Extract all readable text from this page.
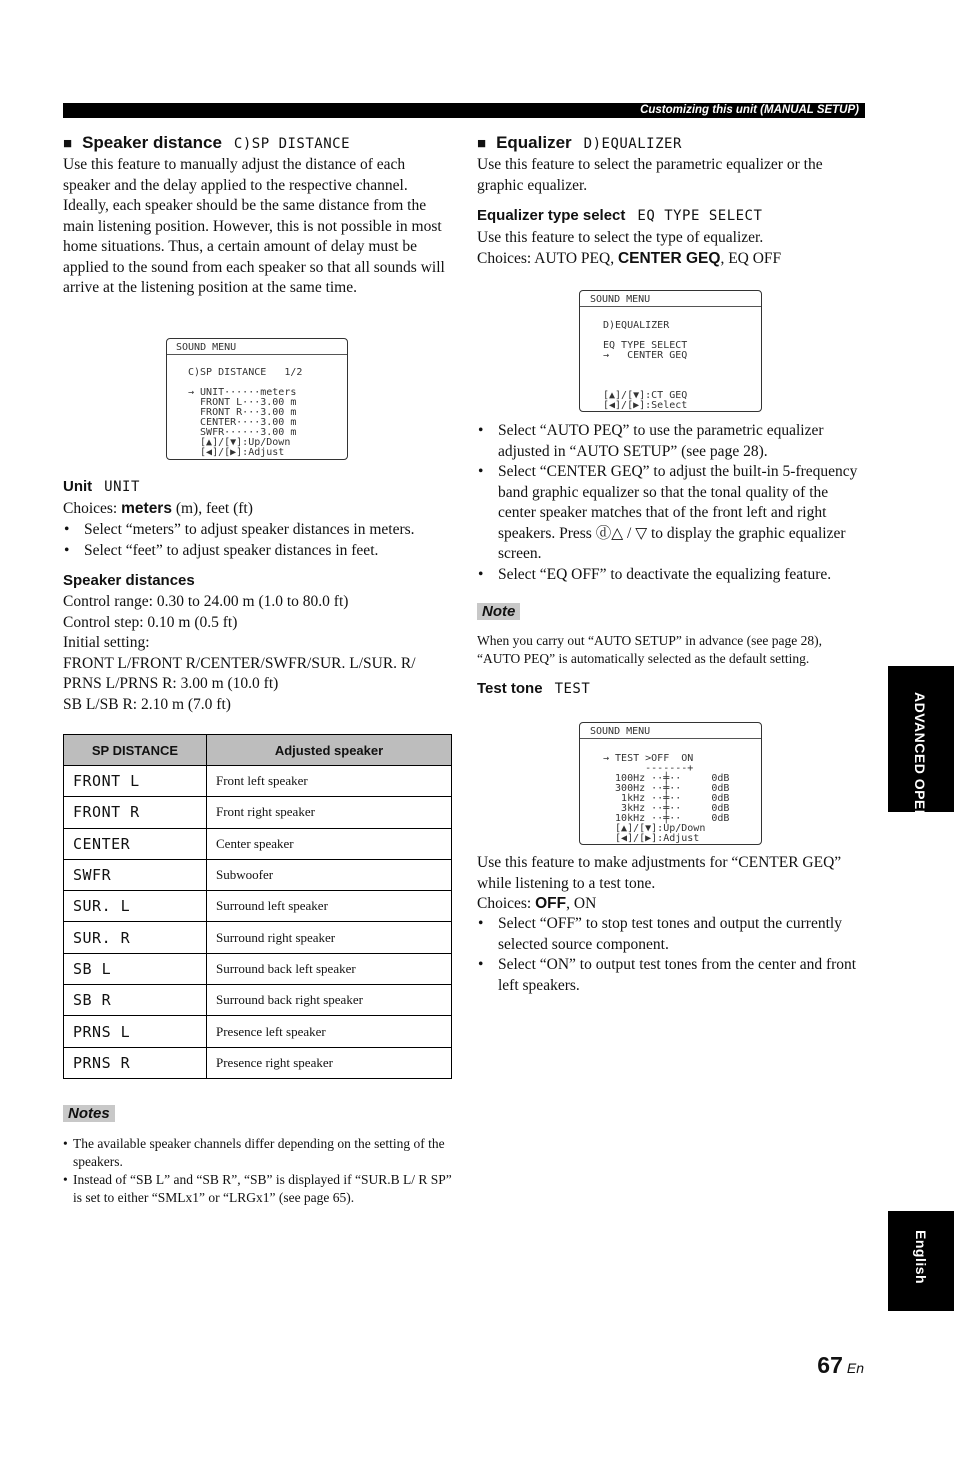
Customizing this unit (MANUAL SETUP)
■ Speaker distance C)SP DISTANCE
Use this feature to manually adjust the distance of each speaker and the delay applied to the respective channel. Ideally, each speaker should be the same distance from the main listening position. However, this is not possible in most home situations. Thus, a certain amount of delay must be applied to the sound from each speaker so that all sounds will arrive at the listening position at the same time.
SOUND MENU
C)SP DISTANCE   1/2
→ UNIT······meters
FRONT L···3.00 m
FRONT R···3.00 m
CENTER····3.00 m
SWFR······3.00 m
[▲]/[▼]:Up/Down
[◀]/[▶]:Adjust
Unit UNIT
Choices: meters (m), feet (ft)
• Select “meters” to adjust speaker distances in meters.
• Select “feet” to adjust speaker distances in feet.
Speaker distances
Control range: 0.30 to 24.00 m (1.0 to 80.0 ft)
Control step: 0.10 m (0.5 ft)
Initial setting:
FRONT L/FRONT R/CENTER/SWFR/SUR. L/SUR. R/
PRNS L/PRNS R: 3.00 m (10.0 ft)
SB L/SB R: 2.10 m (7.0 ft)
SP DISTANCE	Adjusted speaker
FRONT L	Front left speaker
FRONT R	Front right speaker
CENTER	Center speaker
SWFR	Subwoofer
SUR. L	Surround left speaker
SUR. R	Surround right speaker
SB L	Surround back left speaker
SB R	Surround back right speaker
PRNS L	Presence left speaker
PRNS R	Presence right speaker
Notes
• The available speaker channels differ depending on the setting of the speakers.
• Instead of “SB L” and “SB R”, “SB” is displayed if “SUR.B L/ R SP” is set to either “SMLx1” or “LRGx1” (see page 65).
■ Equalizer D)EQUALIZER
Use this feature to select the parametric equalizer or the graphic equalizer.
Equalizer type select EQ TYPE SELECT
Use this feature to select the type of equalizer.
Choices: AUTO PEQ, CENTER GEQ, EQ OFF
SOUND MENU
D)EQUALIZER
EQ TYPE SELECT
→   CENTER GEQ
[▲]/[▼]:CT GEQ
[◀]/[▶]:Select
• Select “AUTO PEQ” to use the parametric equalizer adjusted in “AUTO SETUP” (see page 28).
• Select “CENTER GEQ” to adjust the built-in 5-frequency band graphic equalizer so that the tonal quality of the center speaker matches that of the front left and right speakers. Press ⓓ△ / ▽ to display the graphic equalizer screen.
• Select “EQ OFF” to deactivate the equalizing feature.
Note
When you carry out “AUTO SETUP” in advance (see page 28), “AUTO PEQ” is automatically selected as the default setting.
Test tone TEST
SOUND MENU
→ TEST >OFF  ON
-------+
100Hz ··╪··     0dB
300Hz ··╪··     0dB
1kHz ··╪··     0dB
3kHz ··╪··     0dB
10kHz ··╪··     0dB
[▲]/[▼]:Up/Down
[◀]/[▶]:Adjust
Use this feature to make adjustments for “CENTER GEQ” while listening to a test tone.
Choices: OFF, ON
• Select “OFF” to stop test tones and output the currently selected source component.
• Select “ON” to output test tones from the center and front left speakers.
ADVANCED OPERATION
English
67 En
